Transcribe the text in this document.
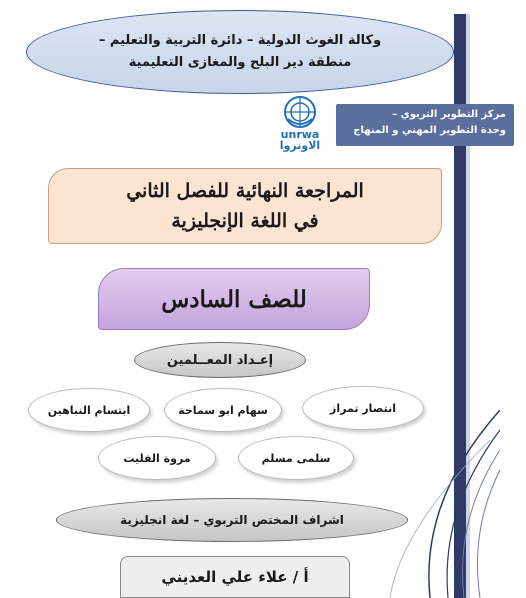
وكالة الغوث الدولية – دائرة التربية والتعليم –
منطقة دير البلح والمغازى التعليمية
unrwa
الاونروا
مركز التطوير التربوي –
وحدة التطوير المهني و المنهاج
المراجعة النهائية للفصل الثاني
في اللغة الإنجليزية
للصف السادس
إعـداد المعــلمين
انتصار تمراز
سهام ابو سماحة
ابتسام النباهين
سلمى مسلم
مروة الفليت
اشراف المختص التربوي – لغة انجليزية
أ / علاء علي العديني
